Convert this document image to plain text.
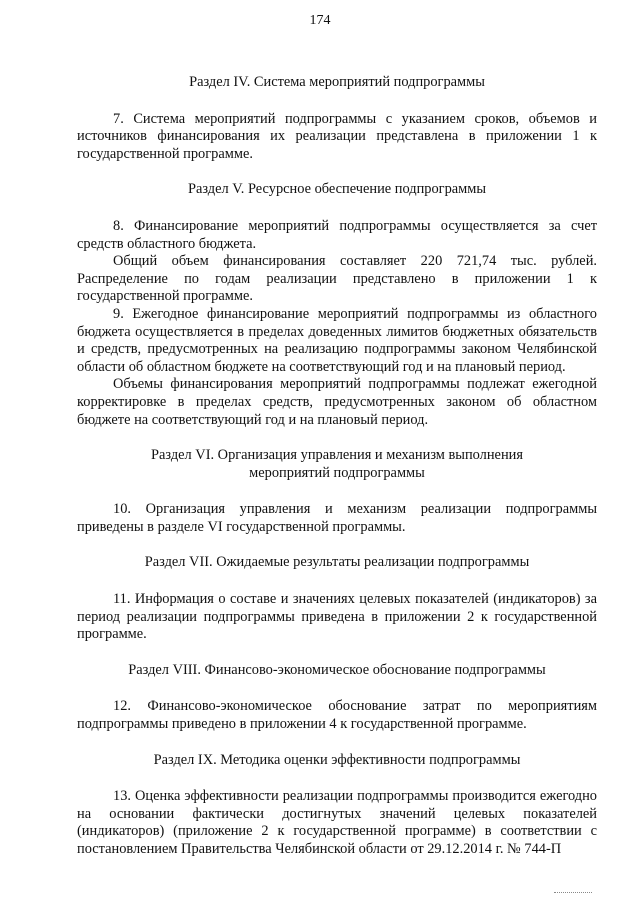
174

Раздел IV. Система мероприятий подпрограммы

7. Система мероприятий подпрограммы с указанием сроков, объемов и источников финансирования их реализации представлена в приложении 1 к государственной программе.

Раздел V. Ресурсное обеспечение подпрограммы

8. Финансирование мероприятий подпрограммы осуществляется за счет средств областного бюджета.

Общий объем финансирования составляет 220 721,74 тыс. рублей. Распределение по годам реализации представлено в приложении 1 к государственной программе.

9. Ежегодное финансирование мероприятий подпрограммы из областного бюджета осуществляется в пределах доведенных лимитов бюджетных обязательств и средств, предусмотренных на реализацию подпрограммы законом Челябинской области об областном бюджете на соответствующий год и на плановый период.

Объемы финансирования мероприятий подпрограммы подлежат ежегодной корректировке в пределах средств, предусмотренных законом об областном бюджете на соответствующий год и на плановый период.

Раздел VI. Организация управления и механизм выполнения мероприятий подпрограммы

10. Организация управления и механизм реализации подпрограммы приведены в разделе VI государственной программы.

Раздел VII. Ожидаемые результаты реализации подпрограммы

11. Информация о составе и значениях целевых показателей (индикаторов) за период реализации подпрограммы приведена в приложении 2 к государственной программе.

Раздел VIII. Финансово-экономическое обоснование подпрограммы

12. Финансово-экономическое обоснование затрат по мероприятиям подпрограммы приведено в приложении 4 к государственной программе.

Раздел IX. Методика оценки эффективности подпрограммы

13. Оценка эффективности реализации подпрограммы производится ежегодно на основании фактически достигнутых значений целевых показателей (индикаторов) (приложение 2 к государственной программе) в соответствии с постановлением Правительства Челябинской области от 29.12.2014 г. № 744-П
